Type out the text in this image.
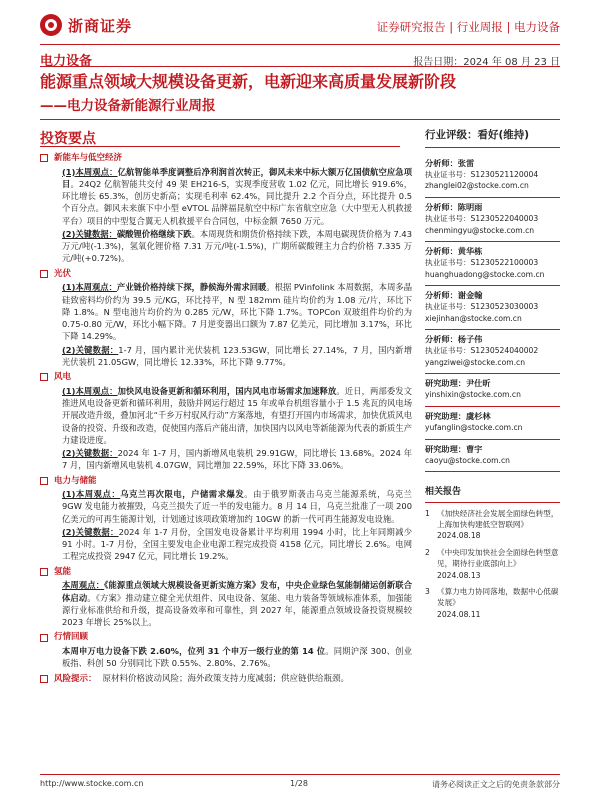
浙商证券	证券研究报告 | 行业周报 | 电力设备
电力设备	报告日期：2024 年 08 月 23 日
能源重点领域大规模设备更新，电新迎来高质量发展新阶段
——电力设备新能源行业周报
投资要点
新能车与低空经济
(1)本周观点：亿航智能单季度调整后净利润首次转正，御风未来中标大额万亿国债航空应急项目。24Q2 亿航智能共交付 49 架 EH216-S，实现季度营收 1.02 亿元，同比增长 919.6%，环比增长 65.3%，创历史新高；实现毛利率 62.4%，同比提升 2.2 个百分点，环比提升 0.5 个百分点。御风未来旗下中小型 eVTOL 品牌福昆航空中标广东省航空应急（大中型无人机救援平台）项目的中型复合翼无人机救援平台合同包，中标金额 7650 万元。
(2)关键数据：碳酸锂价格继续下跌。本周现货和期货价格持续下跌，本周电碳现货价格为 7.43 万元/吨(-1.3%)，氢氧化锂价格 7.31 万元/吨(-1.5%)，广期所碳酸锂主力合约价格 7.335 万元/吨(+0.72%)。
光伏
(1)本周观点：产业链价格持续下探，静候海外需求回暖。根据 PVinfolink 本周数据，本周多晶硅致密料均价约为 39.5 元/KG，环比持平，N 型 182mm 硅片均价约为 1.08 元/片，环比下降 1.8%。N 型电池片均价约为 0.285 元/W，环比下降 1.7%。TOPCon 双玻组件均价约为 0.75-0.80 元/W，环比小幅下降。7 月逆变器出口额为 7.87 亿美元，同比增加 3.17%，环比下降 14.29%。
(2)关键数据：1-7 月，国内累计光伏装机 123.53GW，同比增长 27.14%，7 月，国内新增光伏装机 21.05GW，同比增长 12.33%，环比下降 9.77%。
风电
(1)本周观点：加快风电设备更新和循环利用，国内风电市场需求加速释放。近日，两部委发文推进风电设备更新和循环利用，鼓励并网运行超过 15 年或单台机组容量小于 1.5 兆瓦的风电场开展改造升级，叠加河北“千乡万村驭风行动”方案落地，有望打开国内市场需求，加快优质风电设备的投资、升级和改造，促使国内落后产能出清，加快国内以风电等新能源为代表的新质生产力建设进度。
(2)关键数据：2024 年 1-7 月，国内新增风电装机 29.91GW，同比增长 13.68%。2024 年 7 月，国内新增风电装机 4.07GW，同比增加 22.59%，环比下降 33.06%。
电力与储能
(1)本周观点：乌克兰再次限电，户储需求爆发。由于俄罗斯袭击乌克兰能源系统，乌克兰 9GW 发电能力被摧毁，乌克兰损失了近一半的发电能力。8 月 14 日，乌克兰批准了一项 200 亿美元的可再生能源计划，计划通过该项政策增加约 10GW 的新一代可再生能源发电设施。
(2)关键数据：2024 年 1-7 月份，全国发电设备累计平均利用 1994 小时，比上年同期减少 91 小时。1-7 月份，全国主要发电企业电源工程完成投资 4158 亿元，同比增长 2.6%。电网工程完成投资 2947 亿元，同比增长 19.2%。
氢能
本周观点：《能源重点领域大规模设备更新实施方案》发布，中央企业绿色氢能制储运创新联合体启动。《方案》推动建立健全光伏组件、风电设备、氢能、电力装备等领域标准体系，加强能源行业标准供给和升级，提高设备效率和可靠性，到 2027 年，能源重点领域设备投资规模较 2023 年增长 25%以上。
行情回顾
本周申万电力设备下跌 2.60%，位列 31 个申万一级行业的第 14 位。同期沪深 300、创业板指、科创 50 分别同比下跌 0.55%、2.80%、2.76%。
风险提示： 原材料价格波动风险；海外政策支持力度减弱；供应链供给瓶颈。
行业评级：看好(维持)
分析师：张雷
执业证书号：S1230521120004
zhanglei02@stocke.com.cn
分析师：陈明雨
执业证书号：S1230522040003
chenmingyu@stocke.com.cn
分析师：黄华栋
执业证书号：S1230522100003
huanghuadong@stocke.com.cn
分析师：谢金翰
执业证书号：S1230523030003
xiejinhan@stocke.com.cn
分析师：杨子伟
执业证书号：S1230524040002
yangziwei@stocke.com.cn
研究助理：尹仕昕
yinshixin@stocke.com.cn
研究助理：虞杉林
yufanglin@stocke.com.cn
研究助理：曹宇
caoyu@stocke.com.cn
相关报告
1 《加快经济社会发展全面绿色转型，上海加快构建低空智联网》
2024.08.18
2 《中央印发加快社会全面绿色转型意见，期待行业底部向上》
2024.08.13
3 《算力电力协同落地，数据中心低碳发展》
2024.08.11
http://www.stocke.com.cn	1/28	请务必阅读正文之后的免责条款部分
